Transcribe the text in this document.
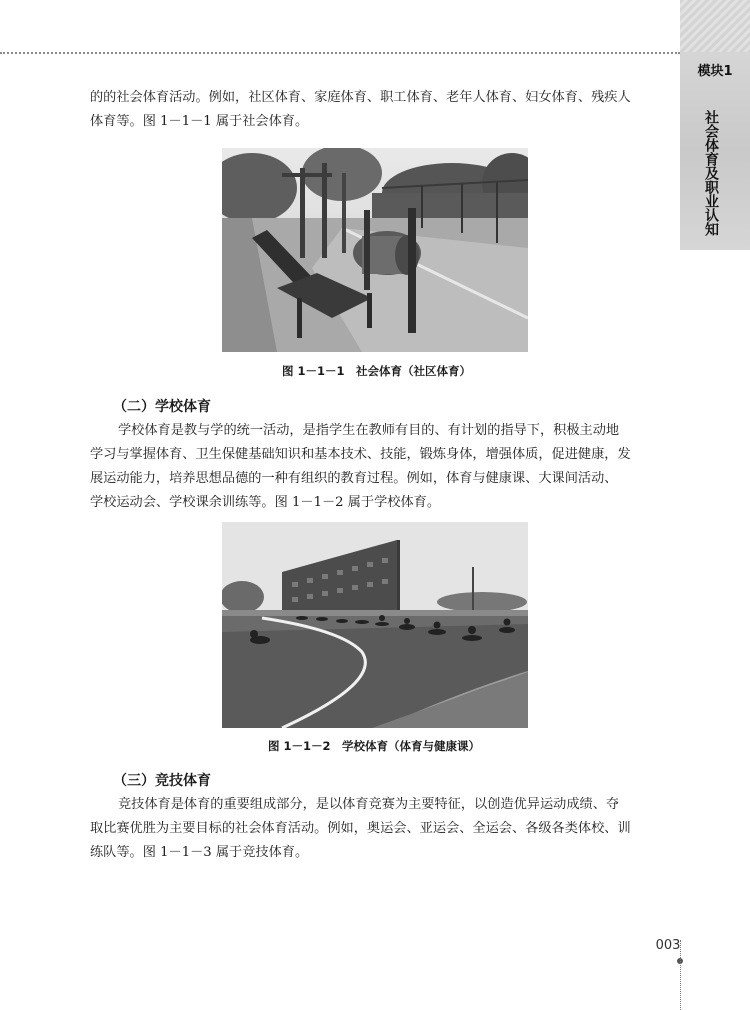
模块1
社会体育及职业认知

的的社会体育活动。例如，社区体育、家庭体育、职工体育、老年人体育、妇女体育、残疾人
体育等。图 1－1－1 属于社会体育。

图 1－1－1　社会体育（社区体育）

（二）学校体育

学校体育是教与学的统一活动，是指学生在教师有目的、有计划的指导下，积极主动地
学习与掌握体育、卫生保健基础知识和基本技术、技能，锻炼身体，增强体质，促进健康，发
展运动能力，培养思想品德的一种有组织的教育过程。例如，体育与健康课、大课间活动、
学校运动会、学校课余训练等。图 1－1－2 属于学校体育。

图 1－1－2　学校体育（体育与健康课）

（三）竞技体育

竞技体育是体育的重要组成部分，是以体育竞赛为主要特征，以创造优异运动成绩、夺
取比赛优胜为主要目标的社会体育活动。例如，奥运会、亚运会、全运会、各级各类体校、训
练队等。图 1－1－3 属于竞技体育。

003
